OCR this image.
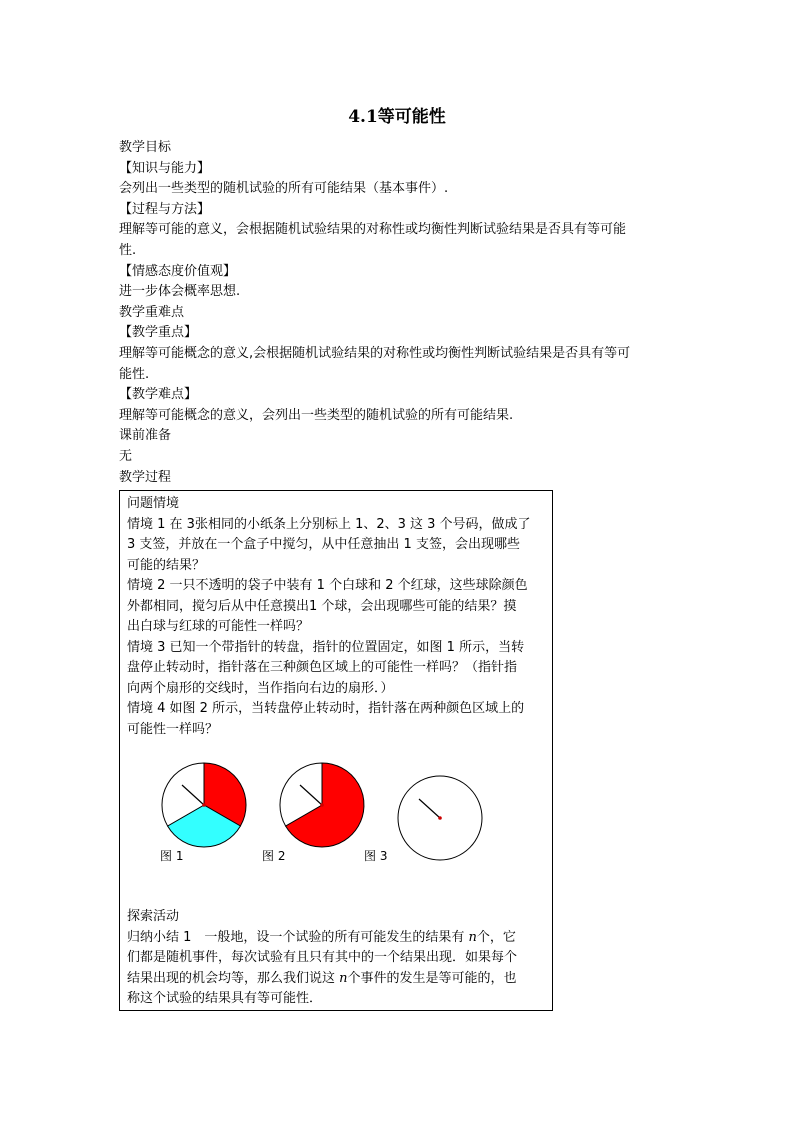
4.1等可能性

教学目标

【知识与能力】

会列出一些类型的随机试验的所有可能结果（基本事件）.

【过程与方法】

理解等可能的意义，会根据随机试验结果的对称性或均衡性判断试验结果是否具有等可能

性.

【情感态度价值观】

进一步体会概率思想.

教学重难点

【教学重点】

理解等可能概念的意义,会根据随机试验结果的对称性或均衡性判断试验结果是否具有等可

能性.

【教学难点】

理解等可能概念的意义，会列出一些类型的随机试验的所有可能结果.

课前准备

无

教学过程

问题情境

情境 1 在 3张相同的小纸条上分别标上 1、2、3 这 3 个号码，做成了

3 支签，并放在一个盒子中搅匀，从中任意抽出 1 支签，会出现哪些

可能的结果？

情境 2 一只不透明的袋子中装有 1 个白球和 2 个红球，这些球除颜色

外都相同，搅匀后从中任意摸出1 个球，会出现哪些可能的结果？摸

出白球与红球的可能性一样吗？

情境 3 已知一个带指针的转盘，指针的位置固定，如图 1 所示，当转

盘停止转动时，指针落在三种颜色区域上的可能性一样吗？（指针指

向两个扇形的交线时，当作指向右边的扇形．）

情境 4 如图 2 所示，当转盘停止转动时，指针落在两种颜色区域上的

可能性一样吗？

图 1	图 2	图 3

探索活动

归纳小结 1　一般地，设一个试验的所有可能发生的结果有 n个，它

们都是随机事件，每次试验有且只有其中的一个结果出现．如果每个

结果出现的机会均等，那么我们说这 n个事件的发生是等可能的，也

称这个试验的结果具有等可能性．
